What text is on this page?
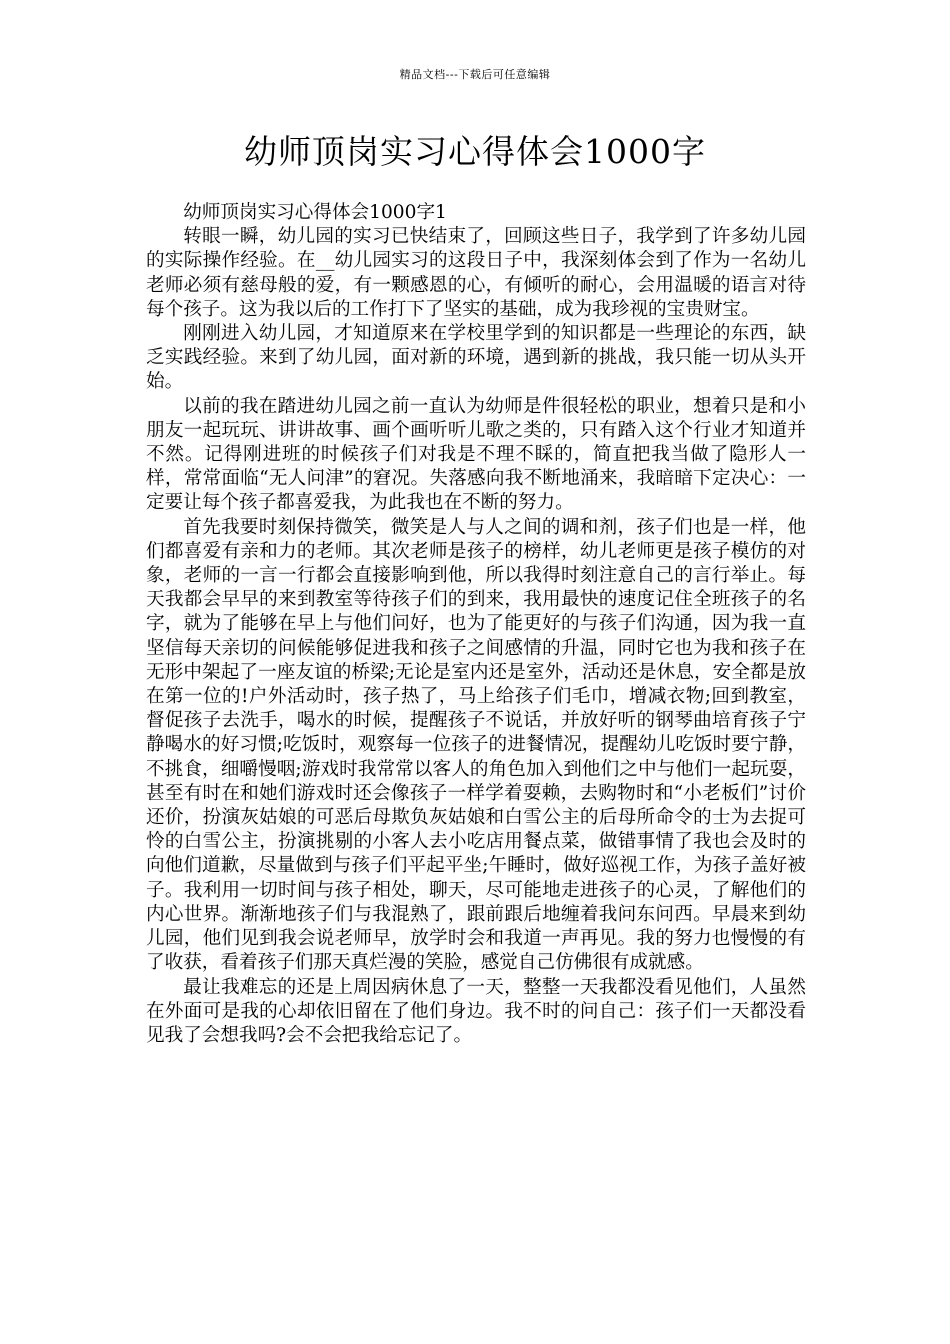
精品文档---下载后可任意编辑
幼师顶岗实习心得体会1000字

幼师顶岗实习心得体会1000字1

转眼一瞬，幼儿园的实习已快结束了，回顾这些日子，我学到了许多幼儿园的实际操作经验。在__幼儿园实习的这段日子中，我深刻体会到了作为一名幼儿老师必须有慈母般的爱，有一颗感恩的心，有倾听的耐心，会用温暖的语言对待每个孩子。这为我以后的工作打下了坚实的基础，成为我珍视的宝贵财宝。

刚刚进入幼儿园，才知道原来在学校里学到的知识都是一些理论的东西，缺乏实践经验。来到了幼儿园，面对新的环境，遇到新的挑战，我只能一切从头开始。

以前的我在踏进幼儿园之前一直认为幼师是件很轻松的职业，想着只是和小朋友一起玩玩、讲讲故事、画个画听听儿歌之类的，只有踏入这个行业才知道并不然。记得刚进班的时候孩子们对我是不理不睬的，简直把我当做了隐形人一样，常常面临“无人问津”的窘况。失落感向我不断地涌来，我暗暗下定决心：一定要让每个孩子都喜爱我，为此我也在不断的努力。

首先我要时刻保持微笑，微笑是人与人之间的调和剂，孩子们也是一样，他们都喜爱有亲和力的老师。其次老师是孩子的榜样，幼儿老师更是孩子模仿的对象，老师的一言一行都会直接影响到他，所以我得时刻注意自己的言行举止。每天我都会早早的来到教室等待孩子们的到来，我用最快的速度记住全班孩子的名字，就为了能够在早上与他们问好，也为了能更好的与孩子们沟通，因为我一直坚信每天亲切的问候能够促进我和孩子之间感情的升温，同时它也为我和孩子在无形中架起了一座友谊的桥梁;无论是室内还是室外，活动还是休息，安全都是放在第一位的!户外活动时，孩子热了，马上给孩子们毛巾，增减衣物;回到教室，督促孩子去洗手，喝水的时候，提醒孩子不说话，并放好听的钢琴曲培育孩子宁静喝水的好习惯;吃饭时，观察每一位孩子的进餐情况，提醒幼儿吃饭时要宁静，不挑食，细嚼慢咽;游戏时我常常以客人的角色加入到他们之中与他们一起玩耍，甚至有时在和她们游戏时还会像孩子一样学着耍赖，去购物时和“小老板们”讨价还价，扮演灰姑娘的可恶后母欺负灰姑娘和白雪公主的后母所命令的士为去捉可怜的白雪公主，扮演挑剔的小客人去小吃店用餐点菜，做错事情了我也会及时的向他们道歉，尽量做到与孩子们平起平坐;午睡时，做好巡视工作，为孩子盖好被子。我利用一切时间与孩子相处，聊天，尽可能地走进孩子的心灵，了解他们的内心世界。渐渐地孩子们与我混熟了，跟前跟后地缠着我问东问西。早晨来到幼儿园，他们见到我会说老师早，放学时会和我道一声再见。我的努力也慢慢的有了收获，看着孩子们那天真烂漫的笑脸，感觉自己仿佛很有成就感。

最让我难忘的还是上周因病休息了一天，整整一天我都没看见他们，人虽然在外面可是我的心却依旧留在了他们身边。我不时的问自己：孩子们一天都没看见我了会想我吗?会不会把我给忘记了。
